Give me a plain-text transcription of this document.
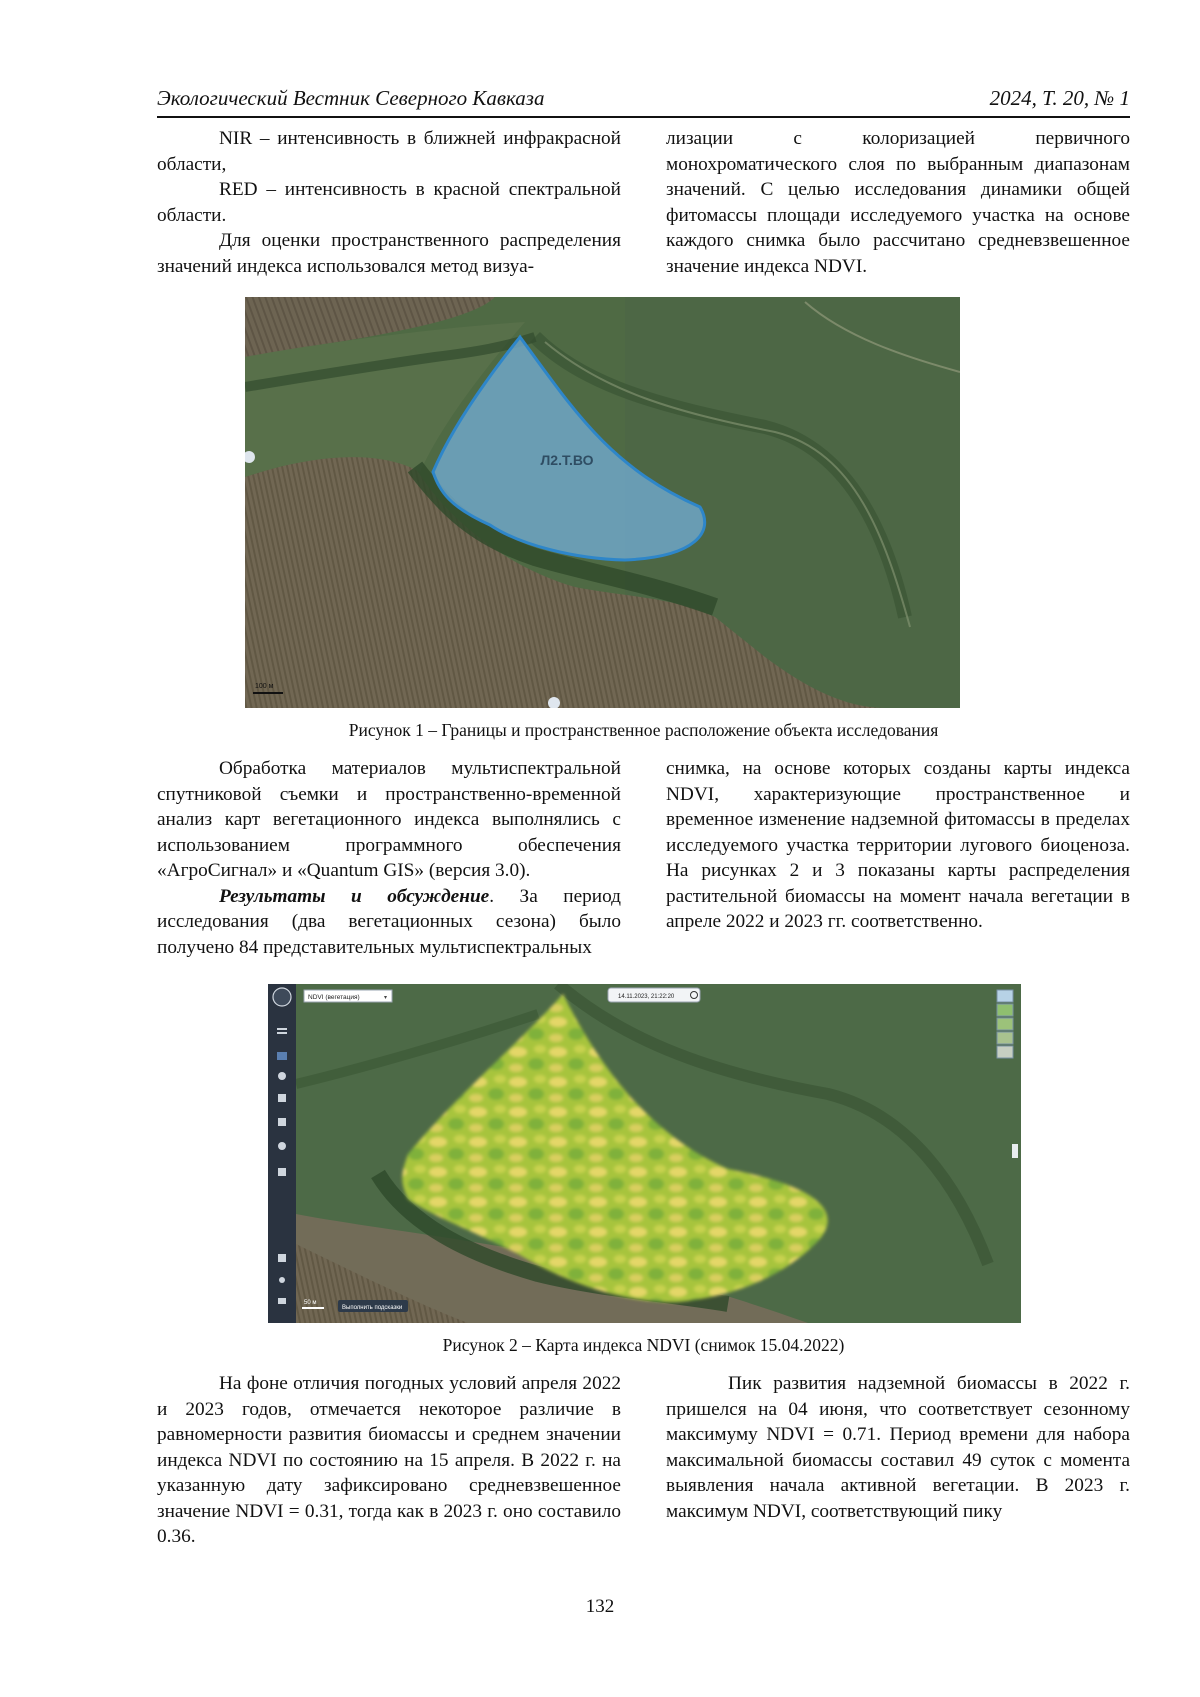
Экологический Вестник Северного Кавказа	2024, Т. 20, № 1

NIR – интенсивность в ближней инфракрасной области,

RED – интенсивность в красной спектральной области.

Для оценки пространственного распределения значений индекса использовался метод визуа-

лизации с колоризацией первичного монохроматического слоя по выбранным диапазонам значений. С целью исследования динамики общей фитомассы площади исследуемого участка на основе каждого снимка было рассчитано средневзвешенное значение индекса NDVI.

Л2.Т.ВО
100 м
Рисунок 1 – Границы и пространственное расположение объекта исследования

Обработка материалов мультиспектральной спутниковой съемки и пространственно-временной анализ карт вегетационного индекса выполнялись с использованием программного обеспечения «АгроСигнал» и «Quantum GIS» (версия 3.0).

Результаты и обсуждение. За период исследования (два вегетационных сезона) было получено 84 представительных мультиспектральных

снимка, на основе которых созданы карты индекса NDVI, характеризующие пространственное и временное изменение надземной фитомассы в пределах исследуемого участка территории лугового биоценоза. На рисунках 2 и 3 показаны карты распределения растительной биомассы на момент начала вегетации в апреле 2022 и 2023 гг. соответственно.

NDVI (вегетация)	▾	14.11.2023, 21:22:20
50 м
Выполнить подсказки
Рисунок 2 – Карта индекса NDVI (снимок 15.04.2022)

На фоне отличия погодных условий апреля 2022 и 2023 годов, отмечается некоторое различие в равномерности развития биомассы и среднем значении индекса NDVI по состоянию на 15 апреля. В 2022 г. на указанную дату зафиксировано средневзвешенное значение NDVI = 0.31, тогда как в 2023 г. оно составило 0.36.

Пик развития надземной биомассы в 2022 г. пришелся на 04 июня, что соответствует сезонному максимуму NDVI = 0.71. Период времени для набора максимальной биомассы составил 49 суток с момента выявления начала активной вегетации. В 2023 г. максимум NDVI, соответствующий пику

132
